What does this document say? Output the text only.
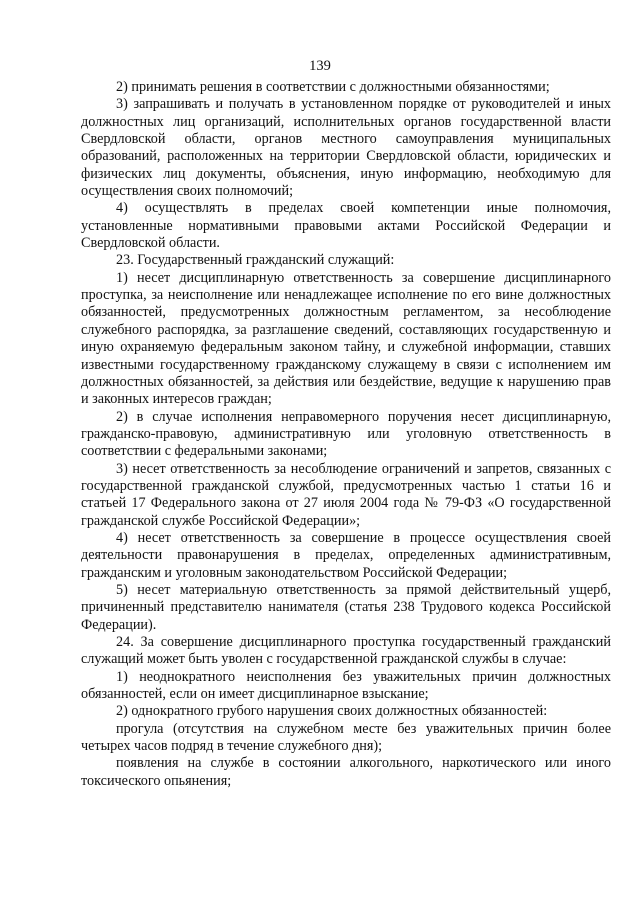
139

2) принимать решения в соответствии с должностными обязанностями;

3) запрашивать и получать в установленном порядке от руководителей и иных должностных лиц организаций, исполнительных органов государственной власти Свердловской области, органов местного самоуправления муниципальных образований, расположенных на территории Свердловской области, юридических и физических лиц документы, объяснения, иную информацию, необходимую для осуществления своих полномочий;

4) осуществлять в пределах своей компетенции иные полномочия, установленные нормативными правовыми актами Российской Федерации и Свердловской области.

23. Государственный гражданский служащий:

1) несет дисциплинарную ответственность за совершение дисциплинарного проступка, за неисполнение или ненадлежащее исполнение по его вине должностных обязанностей, предусмотренных должностным регламентом, за несоблюдение служебного распорядка, за разглашение сведений, составляющих государственную и иную охраняемую федеральным законом тайну, и служебной информации, ставших известными государственному гражданскому служащему в связи с исполнением им должностных обязанностей, за действия или бездействие, ведущие к нарушению прав и законных интересов граждан;

2) в случае исполнения неправомерного поручения несет дисциплинарную, гражданско-правовую, административную или уголовную ответственность в соответствии с федеральными законами;

3) несет ответственность за несоблюдение ограничений и запретов, связанных с государственной гражданской службой, предусмотренных частью 1 статьи 16 и статьей 17 Федерального закона от 27 июля 2004 года № 79-ФЗ «О государственной гражданской службе Российской Федерации»;

4) несет ответственность за совершение в процессе осуществления своей деятельности правонарушения в пределах, определенных административным, гражданским и уголовным законодательством Российской Федерации;

5) несет материальную ответственность за прямой действительный ущерб, причиненный представителю нанимателя (статья 238 Трудового кодекса Российской Федерации).

24. За совершение дисциплинарного проступка государственный гражданский служащий может быть уволен с государственной гражданской службы в случае:

1) неоднократного неисполнения без уважительных причин должностных обязанностей, если он имеет дисциплинарное взыскание;

2) однократного грубого нарушения своих должностных обязанностей:

прогула (отсутствия на служебном месте без уважительных причин более четырех часов подряд в течение служебного дня);

появления на службе в состоянии алкогольного, наркотического или иного токсического опьянения;
